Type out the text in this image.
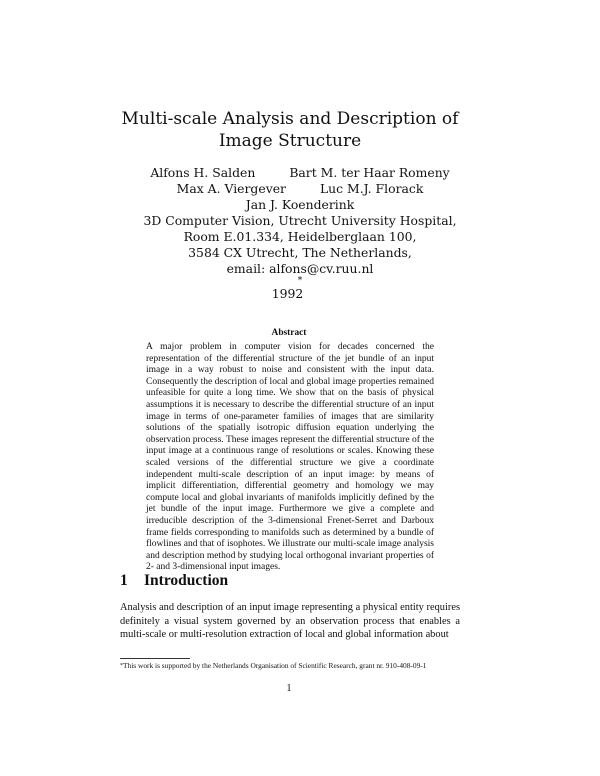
Multi-scale Analysis and Description of Image Structure
Alfons H. Salden	Bart M. ter Haar Romeny
Max A. Viergever	Luc M.J. Florack
Jan J. Koenderink
3D Computer Vision, Utrecht University Hospital,
Room E.01.334, Heidelberglaan 100,
3584 CX Utrecht, The Netherlands,
email: alfons@cv.ruu.nl
*
1992
Abstract
A major problem in computer vision for decades concerned the representation of the differential structure of the jet bundle of an input image in a way robust to noise and consistent with the input data. Consequently the description of local and global image properties remained unfeasible for quite a long time. We show that on the basis of physical assumptions it is necessary to describe the differential structure of an input image in terms of one-parameter families of images that are similarity solutions of the spatially isotropic diffusion equation underlying the observation process. These images represent the differential structure of the input image at a continuous range of resolutions or scales. Knowing these scaled versions of the differential structure we give a coordinate independent multi-scale description of an input image: by means of implicit differentiation, differential geometry and homology we may compute local and global invariants of manifolds implicitly defined by the jet bundle of the input image. Furthermore we give a complete and irreducible description of the 3-dimensional Frenet-Serret and Darboux frame fields corresponding to manifolds such as determined by a bundle of flowlines and that of isophotes. We illustrate our multi-scale image analysis and description method by studying local orthogonal invariant properties of 2- and 3-dimensional input images.
1 Introduction
Analysis and description of an input image representing a physical entity requires definitely a visual system governed by an observation process that enables a multi-scale or multi-resolution extraction of local and global information about
*This work is supported by the Netherlands Organisation of Scientific Research, grant nr. 910-408-09-1
1
